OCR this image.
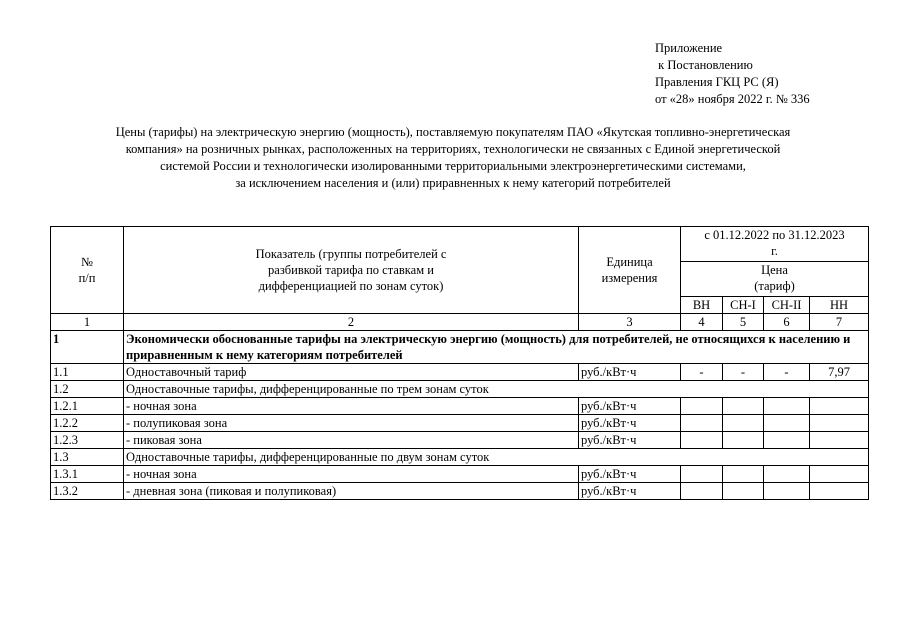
Приложение
к Постановлению
Правления ГКЦ РС (Я)
от «28» ноября 2022 г. № 336
Цены (тарифы) на электрическую энергию (мощность), поставляемую покупателям ПАО «Якутская топливно-энергетическая
компания» на розничных рынках, расположенных на территориях, технологически не связанных с Единой энергетической
системой России и технологически изолированными территориальными электроэнергетическими системами,
за исключением населения и (или) приравненных к нему категорий потребителей
№
п/п	Показатель (группы потребителей с
разбивкой тарифа по ставкам и
дифференциацией по зонам суток)	Единица
измерения	с 01.12.2022 по 31.12.2023
г.			
			Цена
(тариф)			
			ВН	СН-I	СН-II	НН
1	2	3	4	5	6	7
1	Экономически обоснованные тарифы на электрическую энергию (мощность) для потребителей, не относящихся к населению и приравненным к нему категориям потребителей					
1.1	Одноставочный тариф	руб./кВт·ч	-	-	-	7,97
1.2	Одноставочные тарифы, дифференцированные по трем зонам суток					
1.2.1	- ночная зона	руб./кВт·ч				
1.2.2	- полупиковая зона	руб./кВт·ч				
1.2.3	- пиковая зона	руб./кВт·ч				
1.3	Одноставочные тарифы, дифференцированные по двум зонам суток					
1.3.1	- ночная зона	руб./кВт·ч				
1.3.2	- дневная зона (пиковая и полупиковая)	руб./кВт·ч				
